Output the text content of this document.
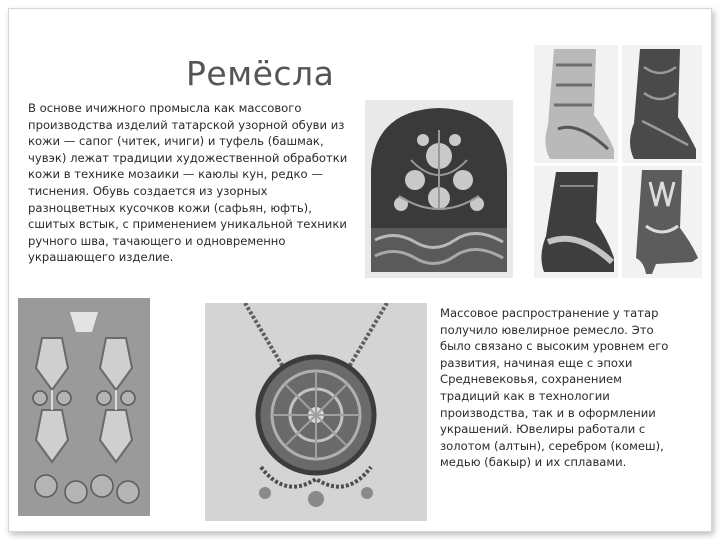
Ремёсла
В основе ичижного промысла как массового производства изделий татарской узорной обуви из кожи — сапог (читек, ичиги) и туфель (башмак, чувэк) лежат традиции художественной обработки кожи в технике мозаики — каюлы кун, редко — тиснения. Обувь создается из узорных разноцветных кусочков кожи (сафьян, юфть), сшитых встык, с применением уникальной техники ручного шва, тачающего и одновременно украшающего изделие.
Массовое распространение у татар получило ювелирное ремесло. Это было связано с высоким уровнем его развития, начиная еще с эпохи Средневековья, сохранением традиций как в технологии производства, так и в оформлении украшений. Ювелиры работали с золотом (алтын), серебром (комеш), медью (бакыр) и их сплавами.
